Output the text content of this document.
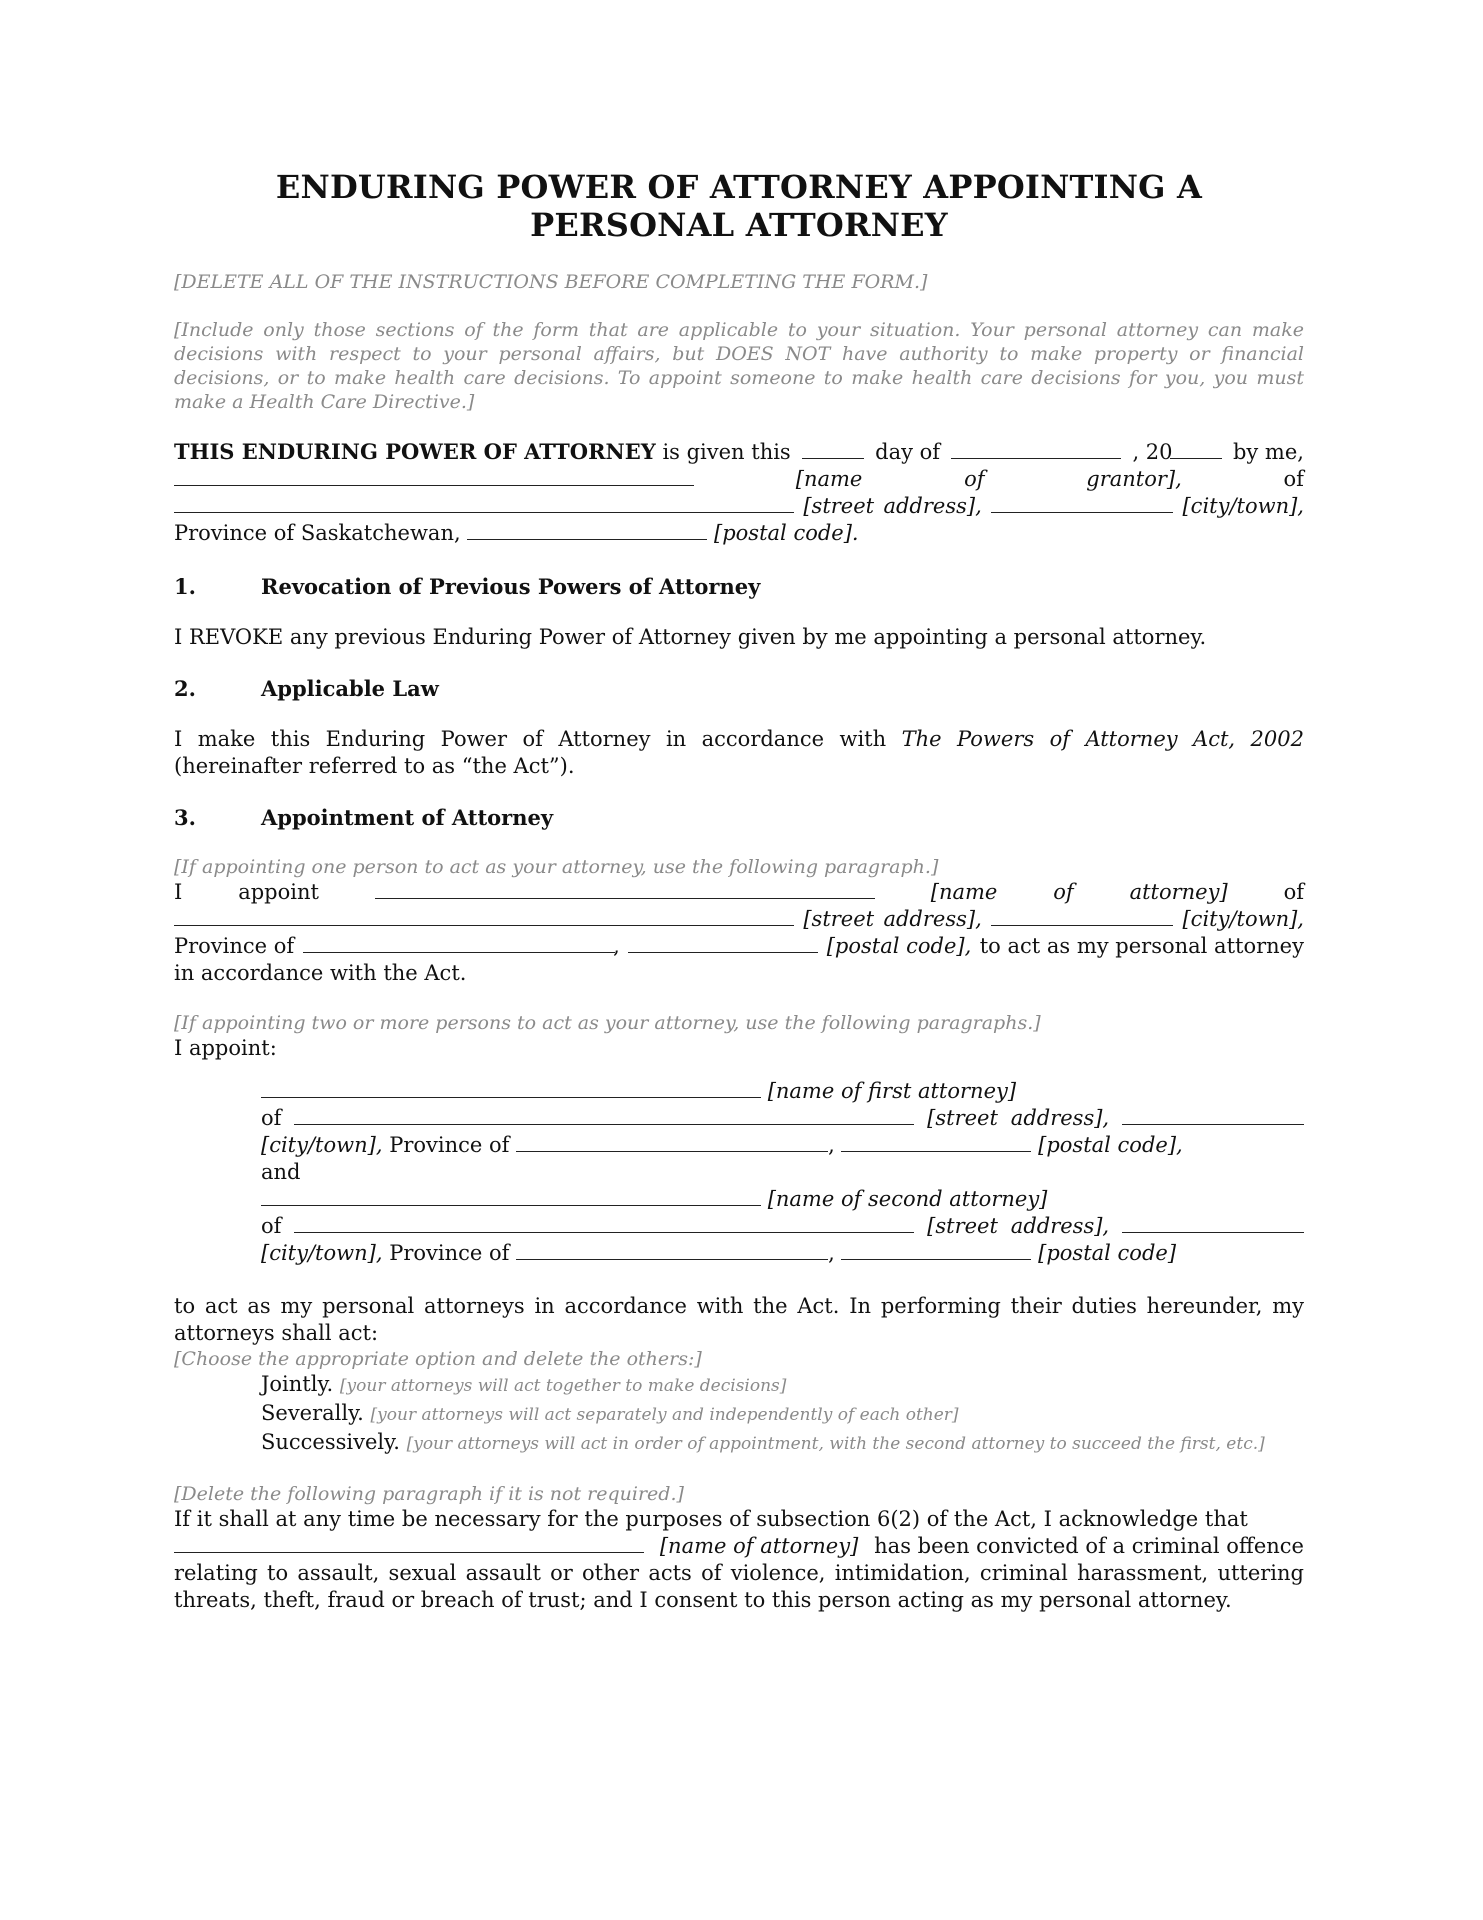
ENDURING POWER OF ATTORNEY APPOINTING A PERSONAL ATTORNEY
[DELETE ALL OF THE INSTRUCTIONS BEFORE COMPLETING THE FORM.]
[Include only those sections of the form that are applicable to your situation. Your personal attorney can make decisions with respect to your personal affairs, but DOES NOT have authority to make property or financial decisions, or to make health care decisions. To appoint someone to make health care decisions for you, you must make a Health Care Directive.]

THIS ENDURING POWER OF ATTORNEY is given this	day of	, 20	by me,

[name	of	grantor],	of

[street address],	[city/town],

Province of Saskatchewan,	[postal code].

1.	Revocation of Previous Powers of Attorney

I REVOKE any previous Enduring Power of Attorney given by me appointing a personal attorney.

2.	Applicable Law

I make this Enduring Power of Attorney in accordance with The Powers of Attorney Act, 2002 (hereinafter referred to as “the Act”).

3.	Appointment of Attorney
[If appointing one person to act as your attorney, use the following paragraph.]

I	appoint	[name	of	attorney]	of

[street address],	[city/town],

Province of	,	[postal code], to act as my personal attorney

in accordance with the Act.

[If appointing two or more persons to act as your attorney, use the following paragraphs.]

I appoint:

[name of first attorney]

of	[street address],

[city/town], Province of	,	[postal code],

and

[name of second attorney]

of	[street address],

[city/town], Province of	,	[postal code]

to act as my personal attorneys in accordance with the Act. In performing their duties hereunder, my attorneys shall act:

[Choose the appropriate option and delete the others:]

Jointly. [your attorneys will act together to make decisions]

Severally. [your attorneys will act separately and independently of each other]

Successively. [your attorneys will act in order of appointment, with the second attorney to succeed the first, etc.]

[Delete the following paragraph if it is not required.]

If it shall at any time be necessary for the purposes of subsection 6(2) of the Act, I acknowledge that

[name of attorney] has been convicted of a criminal offence

relating to assault, sexual assault or other acts of violence, intimidation, criminal harassment, uttering threats, theft, fraud or breach of trust; and I consent to this person acting as my personal attorney.
